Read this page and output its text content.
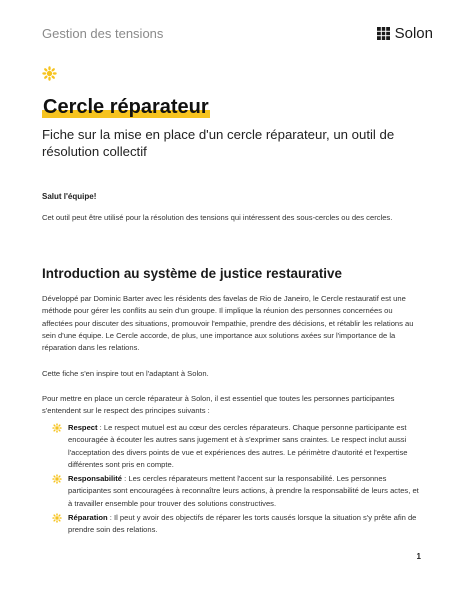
Gestion des tensions	Solon
Cercle réparateur

Fiche sur la mise en place d'un cercle réparateur, un outil de résolution collectif

Salut l'équipe!

Cet outil peut être utilisé pour la résolution des tensions qui intéressent des sous-cercles ou des cercles.

Introduction au système de justice restaurative

Développé par Dominic Barter avec les résidents des favelas de Rio de Janeiro, le Cercle restauratif est une méthode pour gérer les conflits au sein d'un groupe. Il implique la réunion des personnes concernées ou affectées pour discuter des situations, promouvoir l'empathie, prendre des décisions, et rétablir les relations au sein d'une équipe. Le Cercle accorde, de plus, une importance aux solutions axées sur l'importance de la réparation dans les relations.

Cette fiche s'en inspire tout en l'adaptant à Solon.

Pour mettre en place un cercle réparateur à Solon, il est essentiel que toutes les personnes participantes s'entendent sur le respect des principes suivants :

Respect : Le respect mutuel est au cœur des cercles réparateurs. Chaque personne participante est encouragée à écouter les autres sans jugement et à s'exprimer sans craintes. Le respect inclut aussi l'acceptation des divers points de vue et expériences des autres. Le périmètre d'autorité et l'expertise différentes sont pris en compte.
Responsabilité : Les cercles réparateurs mettent l'accent sur la responsabilité. Les personnes participantes sont encouragées à reconnaître leurs actions, à prendre la responsabilité de leurs actes, et à travailler ensemble pour trouver des solutions constructives.
Réparation : Il peut y avoir des objectifs de réparer les torts causés lorsque la situation s'y prête afin de prendre soin des relations.
1
